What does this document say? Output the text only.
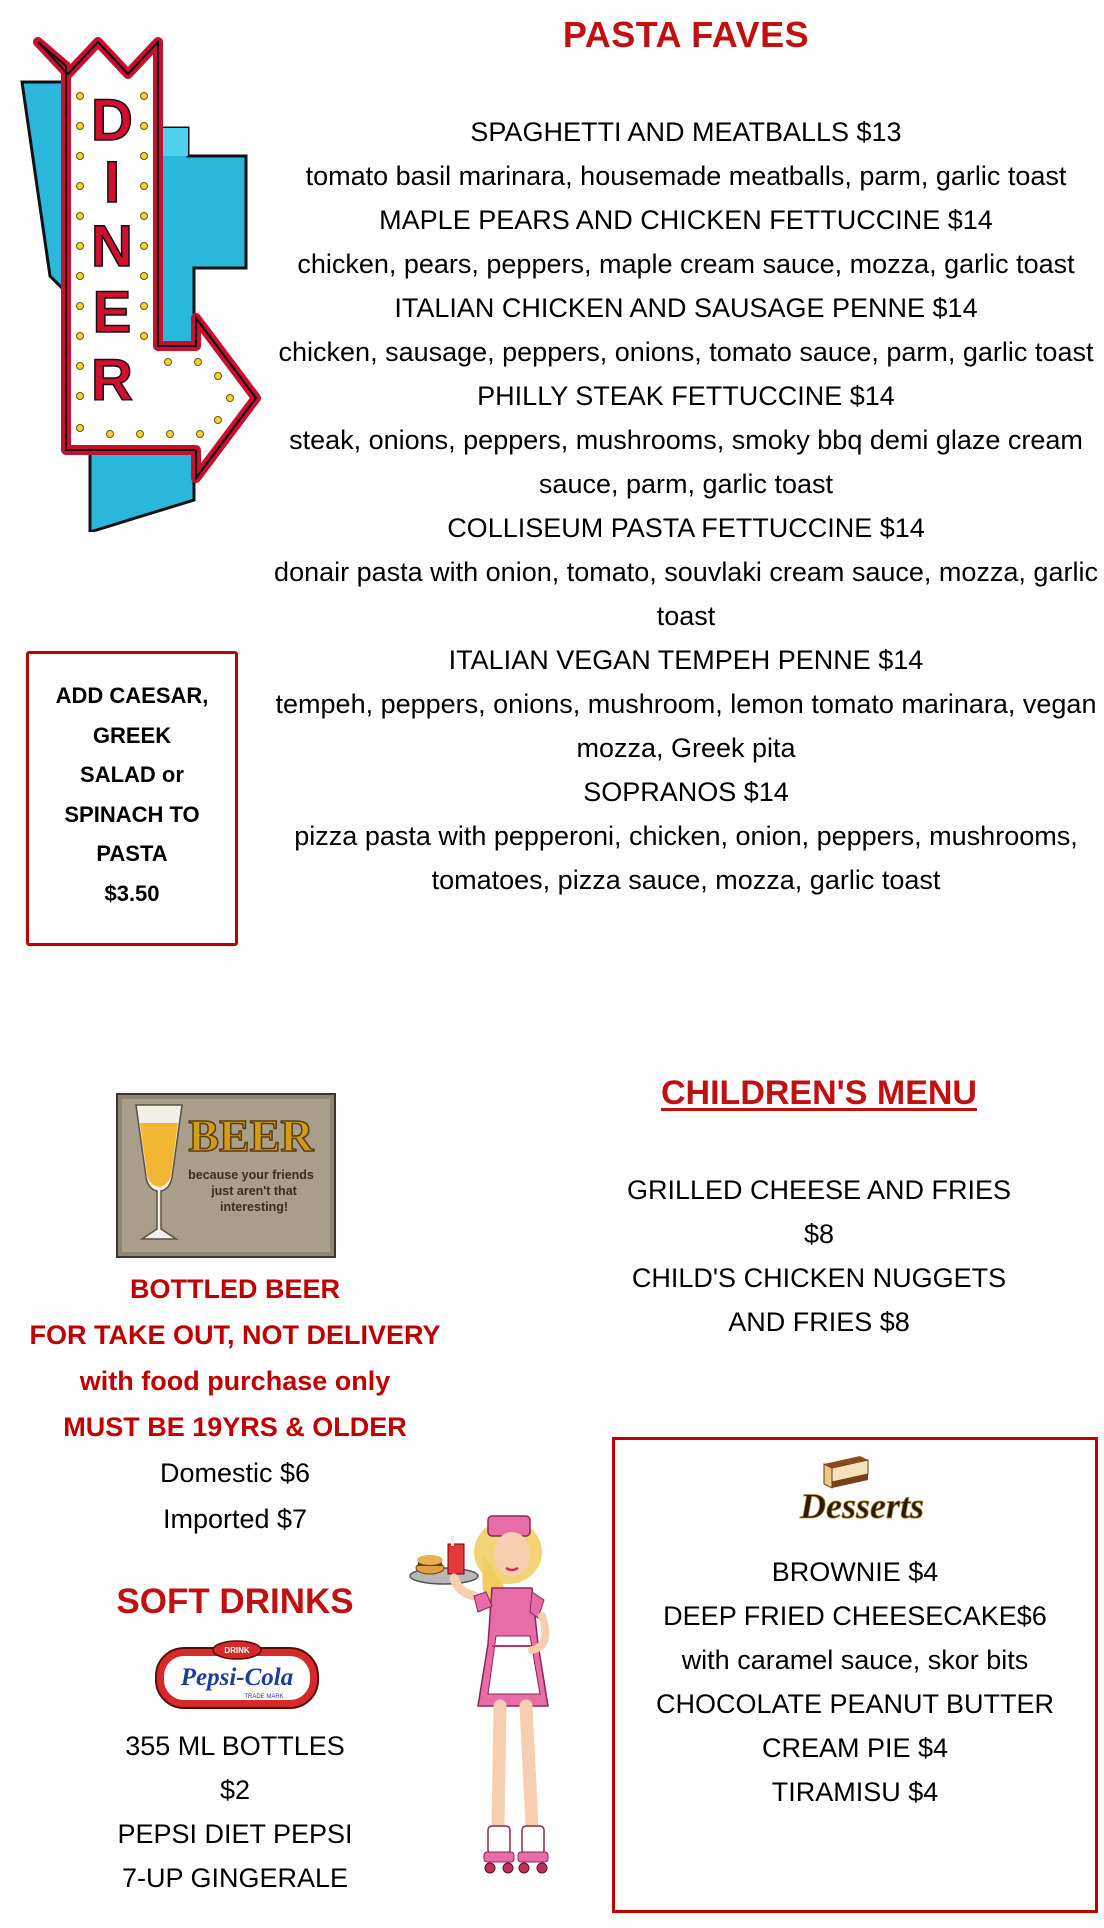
D
I
N
E
R
PASTA FAVES
SPAGHETTI AND MEATBALLS $13
tomato basil marinara, housemade meatballs, parm, garlic toast
MAPLE PEARS AND CHICKEN FETTUCCINE $14
chicken, pears, peppers, maple cream sauce, mozza, garlic toast
ITALIAN CHICKEN AND SAUSAGE PENNE $14
chicken, sausage, peppers, onions, tomato sauce, parm, garlic toast
PHILLY STEAK FETTUCCINE $14
steak, onions, peppers, mushrooms, smoky bbq demi glaze cream sauce, parm, garlic toast
COLLISEUM PASTA FETTUCCINE $14
donair pasta with onion, tomato, souvlaki cream sauce, mozza, garlic toast
ITALIAN VEGAN TEMPEH PENNE $14
tempeh, peppers, onions, mushroom, lemon tomato marinara, vegan mozza, Greek pita
SOPRANOS $14
pizza pasta with pepperoni, chicken, onion, peppers, mushrooms, tomatoes, pizza sauce, mozza, garlic toast
ADD CAESAR,
GREEK
SALAD or
SPINACH TO
PASTA
$3.50
CHILDREN'S MENU
GRILLED CHEESE AND FRIES
$8
CHILD'S CHICKEN NUGGETS
AND FRIES $8
BEER
because your friends
just aren't that
interesting!
BOTTLED BEER
FOR TAKE OUT, NOT DELIVERY
with food purchase only
MUST BE 19YRS & OLDER
Domestic $6
Imported $7
SOFT DRINKS
DRINK
Pepsi-Cola
TRADE MARK
355 ML BOTTLES
$2
PEPSI DIET PEPSI
7-UP GINGERALE
Desserts
BROWNIE $4
DEEP FRIED CHEESECAKE$6
with caramel sauce, skor bits
CHOCOLATE PEANUT BUTTER
CREAM PIE $4
TIRAMISU $4
